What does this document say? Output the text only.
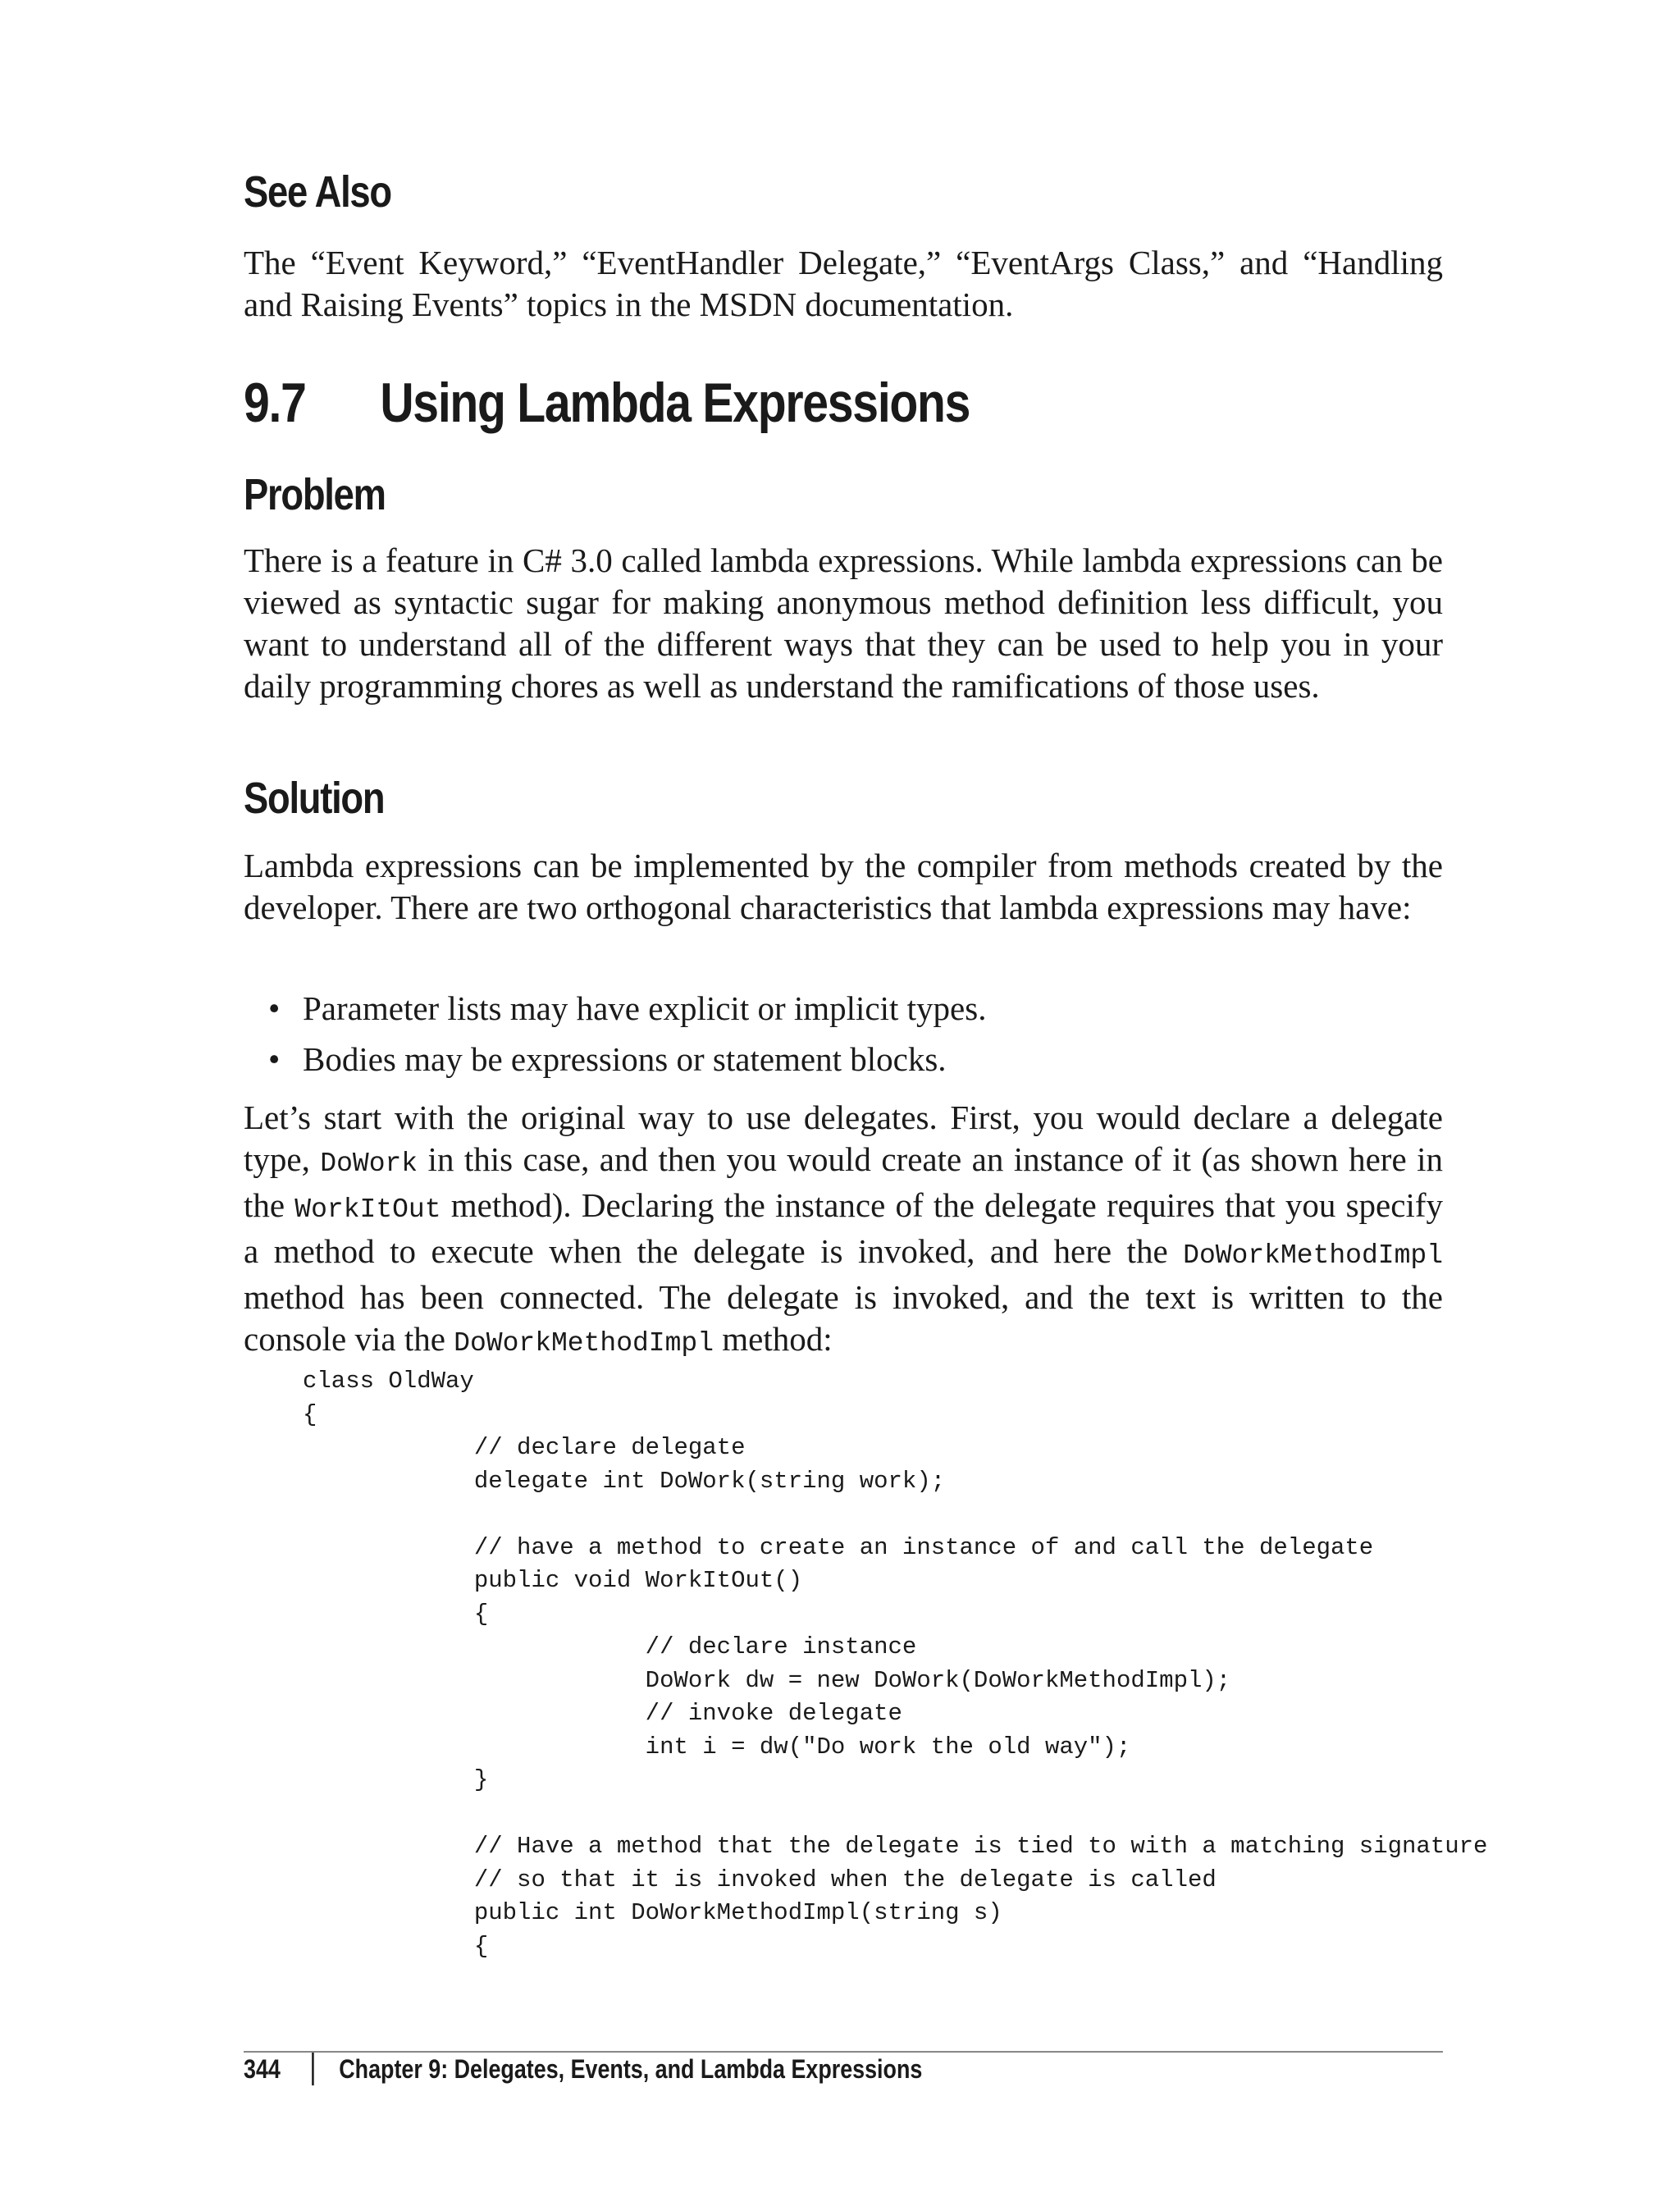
See Also

The “Event Keyword,” “EventHandler Delegate,” “EventArgs Class,” and “Handling and Raising Events” topics in the MSDN documentation.

9.7	Using Lambda Expressions
Problem

There is a feature in C# 3.0 called lambda expressions. While lambda expressions can be viewed as syntactic sugar for making anonymous method definition less difficult, you want to understand all of the different ways that they can be used to help you in your daily programming chores as well as understand the ramifications of those uses.

Solution

Lambda expressions can be implemented by the compiler from methods created by the developer. There are two orthogonal characteristics that lambda expressions may have:

• Parameter lists may have explicit or implicit types.
• Bodies may be expressions or statement blocks.

Let’s start with the original way to use delegates. First, you would declare a delegate type, DoWork in this case, and then you would create an instance of it (as shown here in the WorkItOut method). Declaring the instance of the delegate requires that you specify a method to execute when the delegate is invoked, and here the DoWorkMethodImpl method has been connected. The delegate is invoked, and the text is written to the console via the DoWorkMethodImpl method:

class OldWay
{
// declare delegate
delegate int DoWork(string work);
// have a method to create an instance of and call the delegate
public void WorkItOut()
{
// declare instance
DoWork dw = new DoWork(DoWorkMethodImpl);
// invoke delegate
int i = dw("Do work the old way");
}
// Have a method that the delegate is tied to with a matching signature
// so that it is invoked when the delegate is called
public int DoWorkMethodImpl(string s)
{
344 Chapter 9: Delegates, Events, and Lambda Expressions
